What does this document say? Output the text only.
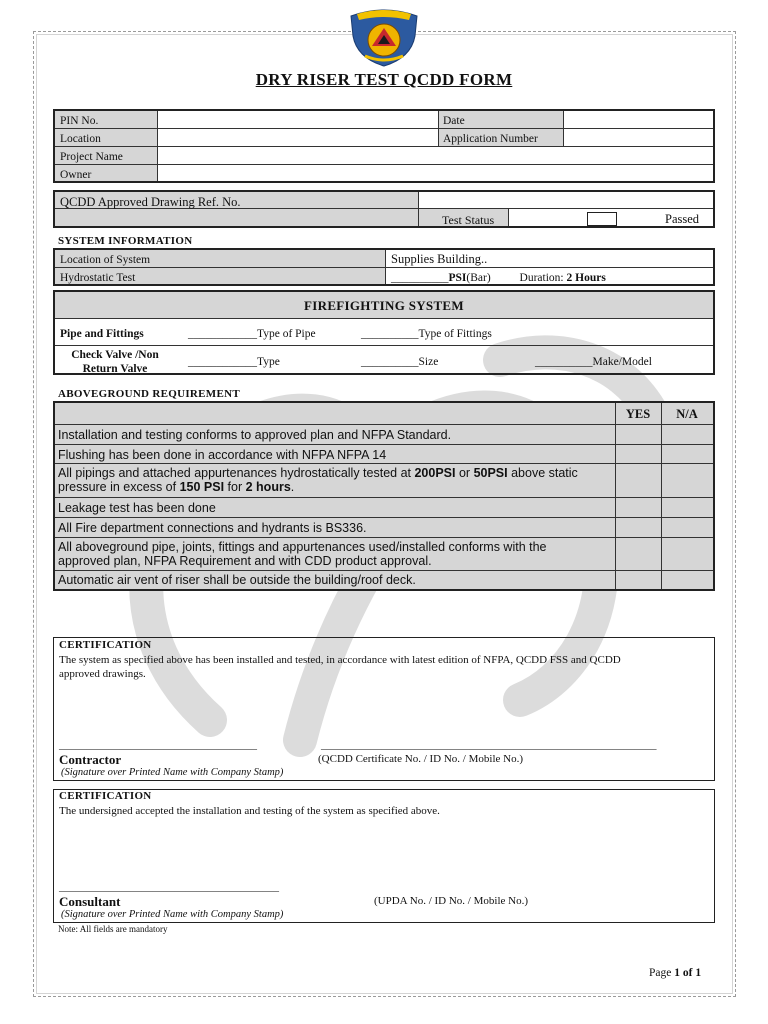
DRY RISER TEST QCDD FORM
PIN No.	Date
Location	Application Number
Project Name
Owner
QCDD Approved Drawing Ref. No.
Test Status	Passed
SYSTEM INFORMATION
Location of System	Supplies Building..
Hydrostatic Test	__________PSI(Bar)	Duration: 2 Hours
FIREFIGHTING SYSTEM
Pipe and Fittings	____________Type of Pipe	__________Type of Fittings
Check Valve /Non
Return Valve
____________Type	__________Size	__________Make/Model
ABOVEGROUND REQUIREMENT
YES	N/A
Installation and testing conforms to approved plan and NFPA Standard.
Flushing has been done in accordance with NFPA NFPA 14
All pipings and attached appurtenances hydrostatically tested at 200PSI or 50PSI above static
pressure in excess of 150 PSI for 2 hours.
Leakage test has been done
All Fire department connections and hydrants is BS336.
All aboveground pipe, joints, fittings and appurtenances used/installed conforms with the
approved plan, NFPA Requirement and with CDD product approval.
Automatic air vent of riser shall be outside the building/roof deck.
CERTIFICATION
The system as specified above has been installed and tested, in accordance with latest edition of NFPA, QCDD FSS and QCDD
approved drawings.
____________________________________	_____________________________________________________________
Contractor	(QCDD Certificate No. / ID No. / Mobile No.)
(Signature over Printed Name with Company Stamp)
CERTIFICATION
The undersigned accepted the installation and testing of the system as specified above.
________________________________________
Consultant	(UPDA No. / ID No. / Mobile No.)
(Signature over Printed Name with Company Stamp)
Note: All fields are mandatory
Page 1 of 1
